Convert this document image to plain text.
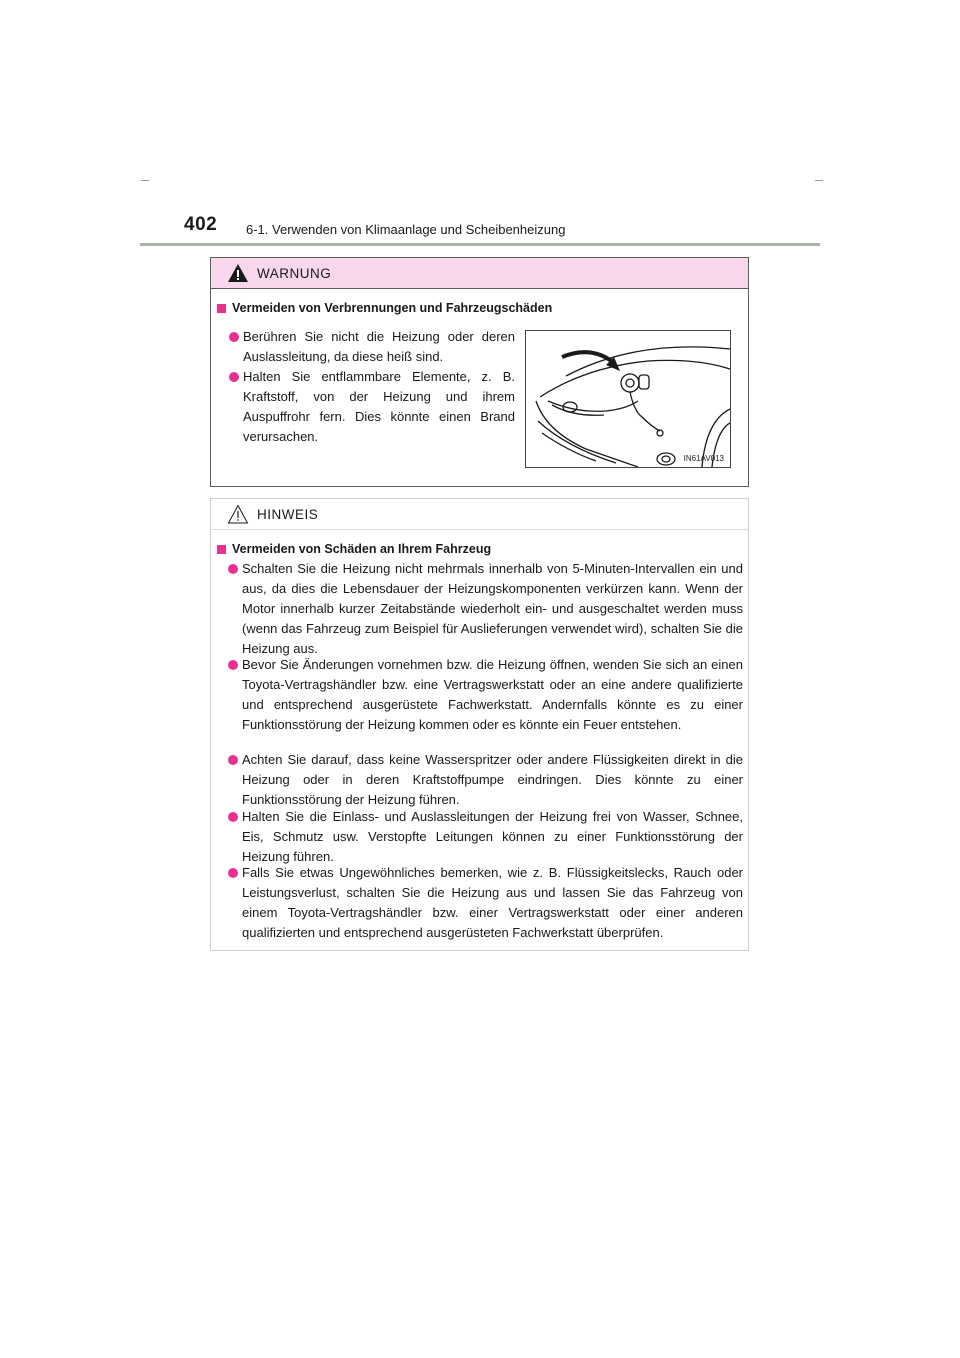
402 6-1. Verwenden von Klimaanlage und Scheibenheizung
WARNUNG
Vermeiden von Verbrennungen und Fahrzeugschäden
Berühren Sie nicht die Heizung oder deren Auslassleitung, da diese heiß sind.
Halten Sie entflammbare Elemente, z. B. Kraftstoff, von der Heizung und ihrem Auspuffrohr fern. Dies könnte einen Brand verursachen.
IN61AV013
HINWEIS
Vermeiden von Schäden an Ihrem Fahrzeug
Schalten Sie die Heizung nicht mehrmals innerhalb von 5-Minuten-Intervallen ein und aus, da dies die Lebensdauer der Heizungskomponenten verkürzen kann. Wenn der Motor innerhalb kurzer Zeitabstände wiederholt ein- und ausgeschaltet werden muss (wenn das Fahrzeug zum Beispiel für Auslieferungen verwendet wird), schalten Sie die Heizung aus.
Bevor Sie Änderungen vornehmen bzw. die Heizung öffnen, wenden Sie sich an einen Toyota-Vertragshändler bzw. eine Vertragswerkstatt oder an eine andere qualifizierte und entsprechend ausgerüstete Fachwerkstatt. Andernfalls könnte es zu einer Funktionsstörung der Heizung kommen oder es könnte ein Feuer entstehen.
Achten Sie darauf, dass keine Wasserspritzer oder andere Flüssigkeiten direkt in die Heizung oder in deren Kraftstoffpumpe eindringen. Dies könnte zu einer Funktionsstörung der Heizung führen.
Halten Sie die Einlass- und Auslassleitungen der Heizung frei von Wasser, Schnee, Eis, Schmutz usw. Verstopfte Leitungen können zu einer Funktionsstörung der Heizung führen.
Falls Sie etwas Ungewöhnliches bemerken, wie z. B. Flüssigkeitslecks, Rauch oder Leistungsverlust, schalten Sie die Heizung aus und lassen Sie das Fahrzeug von einem Toyota-Vertragshändler bzw. einer Vertragswerkstatt oder einer anderen qualifizierten und entsprechend ausgerüsteten Fachwerkstatt überprüfen.
